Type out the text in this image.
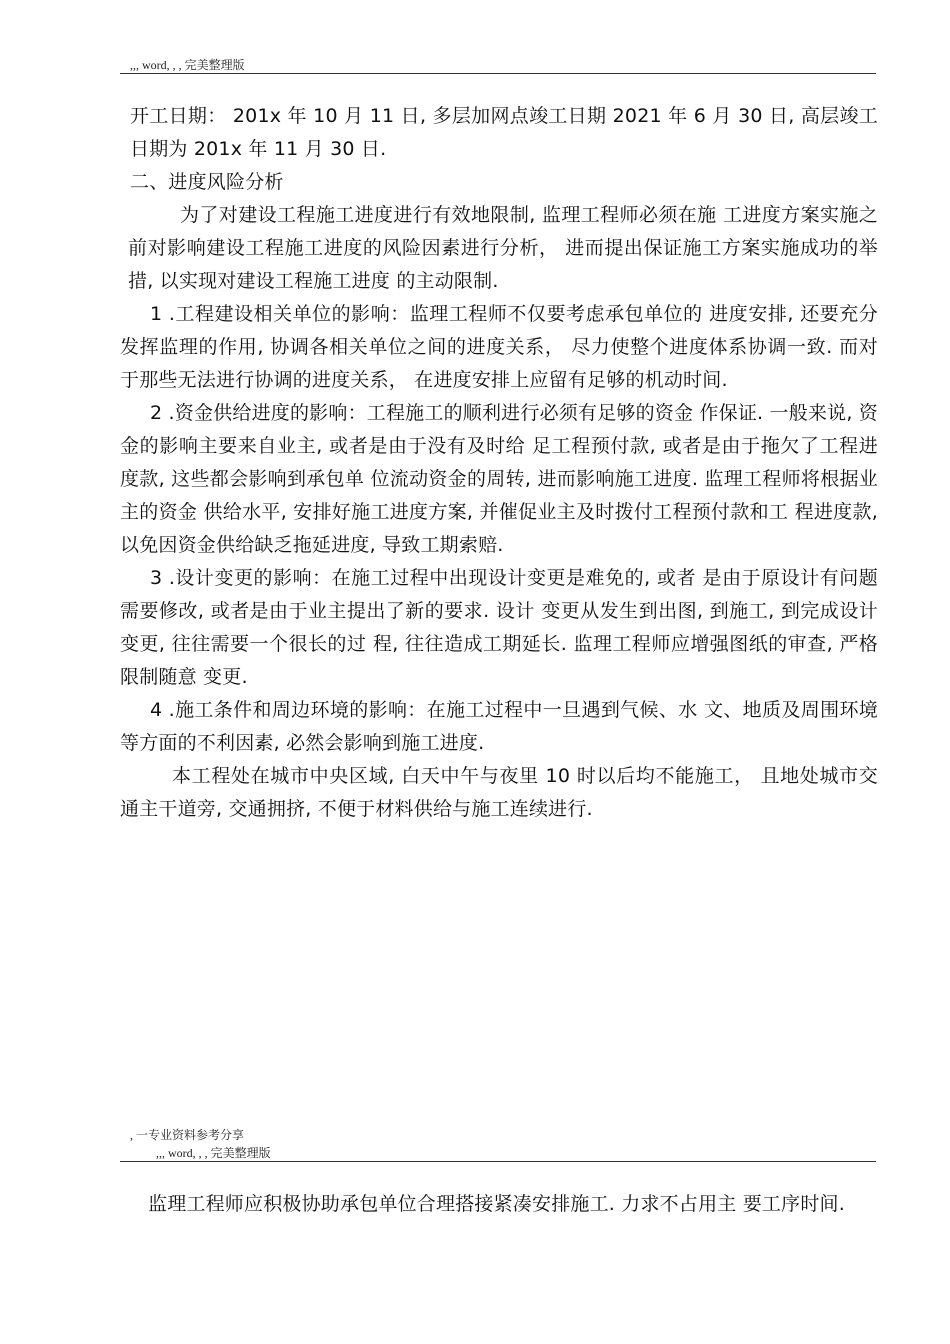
,,, word, , , 完美整理版

开工日期： 201x 年 10 月 11 日, 多层加网点竣工日期 2021 年 6 月 30 日, 高层竣工日期为 201x 年 11 月 30 日.

二、进度风险分析

为了对建设工程施工进度进行有效地限制, 监理工程师必须在施 工进度方案实施之前对影响建设工程施工进度的风险因素进行分析， 进而提出保证施工方案实施成功的举措, 以实现对建设工程施工进度 的主动限制.

1 .工程建设相关单位的影响：监理工程师不仅要考虑承包单位的 进度安排, 还要充分发挥监理的作用, 协调各相关单位之间的进度关系， 尽力使整个进度体系协调一致. 而对于那些无法进行协调的进度关系， 在进度安排上应留有足够的机动时间.

2 .资金供给进度的影响：工程施工的顺利进行必须有足够的资金 作保证. 一般来说, 资金的影响主要来自业主, 或者是由于没有及时给 足工程预付款, 或者是由于拖欠了工程进度款, 这些都会影响到承包单 位流动资金的周转, 进而影响施工进度. 监理工程师将根据业主的资金 供给水平, 安排好施工进度方案, 并催促业主及时拨付工程预付款和工 程进度款, 以免因资金供给缺乏拖延进度, 导致工期索赔.

3 .设计变更的影响：在施工过程中出现设计变更是难免的, 或者 是由于原设计有问题需要修改, 或者是由于业主提出了新的要求. 设计 变更从发生到出图, 到施工, 到完成设计变更, 往往需要一个很长的过 程, 往往造成工期延长. 监理工程师应增强图纸的审查, 严格限制随意 变更.

4 .施工条件和周边环境的影响：在施工过程中一旦遇到气候、水 文、地质及周围环境等方面的不利因素, 必然会影响到施工进度.

本工程处在城市中央区域, 白天中午与夜里 10 时以后均不能施工， 且地处城市交通主干道旁, 交通拥挤, 不便于材料供给与施工连续进行.

, 一专业资料参考分享
,,, word, , , 完美整理版

监理工程师应积极协助承包单位合理搭接紧凑安排施工. 力求不占用主 要工序时间.
